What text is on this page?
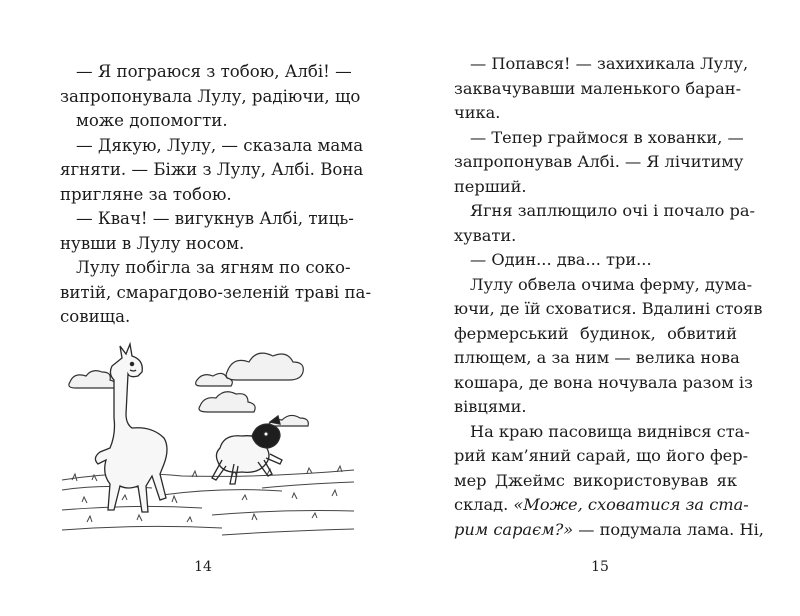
— Я пограюся з тобою, Албі! —

запропонувала Лулу, радіючи, що

може допомогти.

— Дякую, Лулу, — сказала мама

ягняти. — Біжи з Лулу, Албі. Вона

пригляне за тобою.

— Квач! — вигукнув Албі, тиць-

нувши в Лулу носом.

Лулу побігла за ягням по соко-

витій, смарагдово-зеленій траві па-

совища.

— Попався! — захихикала Лулу,

заквачувавши маленького баран-

чика.

— Тепер граймося в хованки, —

запропонував Албі. — Я лічитиму

перший.

Ягня заплющило очі і почало ра-

хувати.

— Один... два... три...

Лулу обвела очима ферму, дума-

ючи, де їй сховатися. Вдалині стояв

фермерський будинок, обвитий

плющем, а за ним — велика нова

кошара, де вона ночувала разом із

вівцями.

На краю пасовища виднівся ста-

рий кам’яний сарай, що його фер-

мер Джеймс використовував як

склад. «Може, сховатися за ста-

рим сараєм?» — подумала лама. Ні,

14	15
